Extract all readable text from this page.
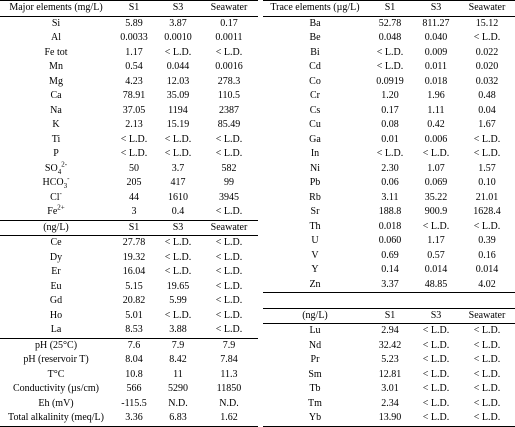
Major elements (mg/L)	S1	S3	Seawater
Si	5.89	3.87	0.17
Al	0.0033	0.0010	0.0011
Fe tot	1.17	< L.D.	< L.D.
Mn	0.54	0.044	0.0016
Mg	4.23	12.03	278.3
Ca	78.91	35.09	110.5
Na	37.05	1194	2387
K	2.13	15.19	85.49
Ti	< L.D.	< L.D.	< L.D.
P	< L.D.	< L.D.	< L.D.
$SO_4^{2-}$	50	3.7	582
$HCO_3^-$	205	417	99
Cl-	44	1610	3945
$Fe^{2+}$	3	0.4	< L.D.
(ng/L)	S1	S3	Seawater
Ce	27.78	< L.D.	< L.D.
Dy	19.32	< L.D.	< L.D.
Er	16.04	< L.D.	< L.D.
Eu	5.15	19.65	< L.D.
Gd	20.82	5.99	< L.D.
Ho	5.01	< L.D.	< L.D.
La	8.53	3.88	< L.D.
pH (25°C)	7.6	7.9	7.9
pH (reservoir T)	8.04	8.42	7.84
T°C	10.8	11	11.3
Conductivity (µs/cm)	566	5290	11850
Eh (mV)	-115.5	N.D.	N.D.
Total alkalinity (meq/L)	3.36	6.83	1.62
Trace elements (µg/L)	S1	S3	Seawater
Ba	52.78	811.27	15.12
Be	0.048	0.040	< L.D.
Bi	< L.D.	0.009	0.022
Cd	< L.D.	0.011	0.020
Co	0.0919	0.018	0.032
Cr	1.20	1.96	0.48
Cs	0.17	1.11	0.04
Cu	0.08	0.42	1.67
Ga	0.01	0.006	< L.D.
In	< L.D.	< L.D.	< L.D.
Ni	2.30	1.07	1.57
Pb	0.06	0.069	0.10
Rb	3.11	35.22	21.01
Sr	188.8	900.9	1628.4
Th	0.018	< L.D.	< L.D.
U	0.060	1.17	0.39
V	0.69	0.57	0.16
Y	0.14	0.014	0.014
Zn	3.37	48.85	4.02
(ng/L)	S1	S3	Seawater
Lu	2.94	< L.D.	< L.D.
Nd	32.42	< L.D.	< L.D.
Pr	5.23	< L.D.	< L.D.
Sm	12.81	< L.D.	< L.D.
Tb	3.01	< L.D.	< L.D.
Tm	2.34	< L.D.	< L.D.
Yb	13.90	< L.D.	< L.D.
